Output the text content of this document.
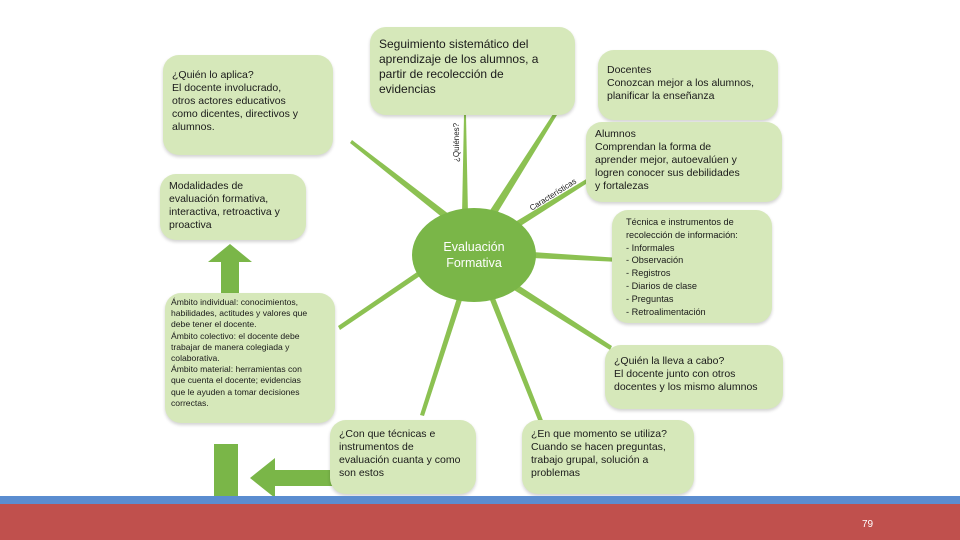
Evaluación
Formativa
¿Quiénes?
Características
¿Quién lo aplica?
El docente involucrado,
otros actores educativos
como dicentes, directivos y
alumnos.
Seguimiento sistemático del
aprendizaje de los alumnos, a
partir de recolección de
evidencias
Docentes
Conozcan mejor a los alumnos,
planificar la enseñanza
Alumnos
Comprendan la forma de
aprender mejor, autoevalúen y
logren conocer sus debilidades
y fortalezas
Modalidades de
evaluación formativa,
interactiva, retroactiva y
proactiva	Técnica e instrumentos de
recolección de información:
- Informales
- Observación
- Registros
- Diarios de clase
- Preguntas
- Retroalimentación
Ámbito individual: conocimientos,
habilidades, actitudes y valores que
debe tener el docente.
Ámbito colectivo: el docente debe
trabajar de manera colegiada y
colaborativa.
Ámbito material: herramientas con
que cuenta el docente; evidencias
que le ayuden a tomar decisiones
correctas.
¿Quién la lleva a cabo?
El docente junto con otros
docentes y los mismo alumnos
¿Con que técnicas e
instrumentos de
evaluación cuanta y como
son estos
¿En que momento se utiliza?
Cuando se hacen preguntas,
trabajo grupal, solución a
problemas
79
